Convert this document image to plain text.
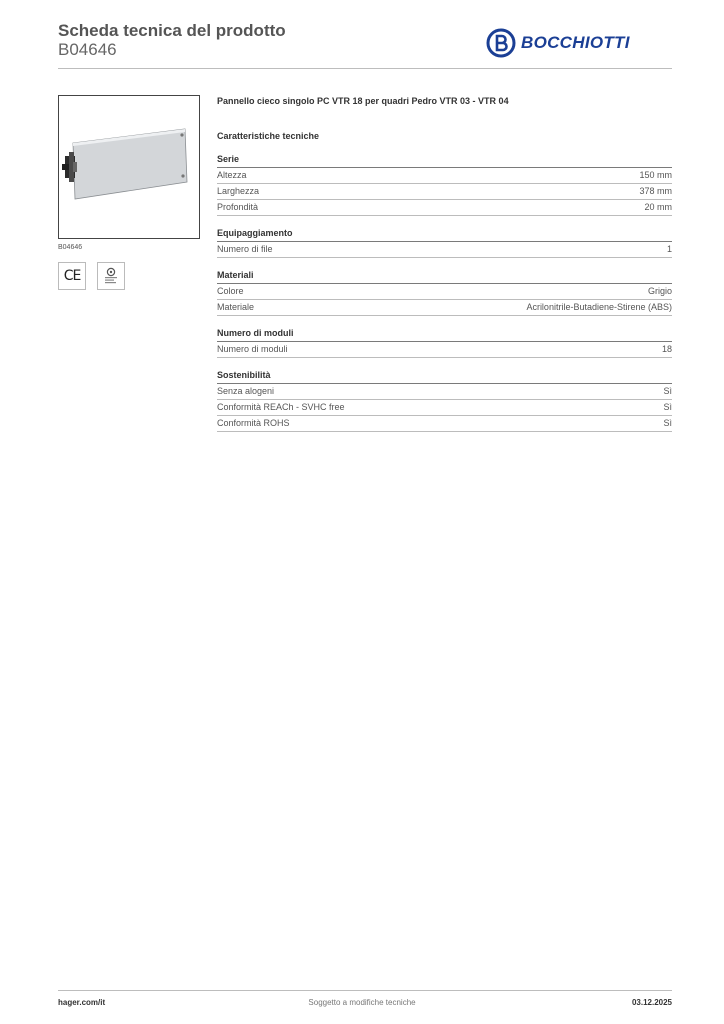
Scheda tecnica del prodotto
B04646	BOCCHIOTTI
B04646
CE
Pannello cieco singolo PC VTR 18 per quadri Pedro VTR 03 - VTR 04
Caratteristiche tecniche
Serie
Altezza	150 mm
Larghezza	378 mm
Profondità	20 mm
Equipaggiamento
Numero di file	1
Materiali
Colore	Grigio
Materiale	Acrilonitrile-Butadiene-Stirene (ABS)
Numero di moduli
Numero di moduli	18
Sostenibilità
Senza alogeni	Sì
Conformità REACh - SVHC free	Sì
Conformità ROHS	Sì
hager.com/it	Soggetto a modifiche tecniche	03.12.2025
